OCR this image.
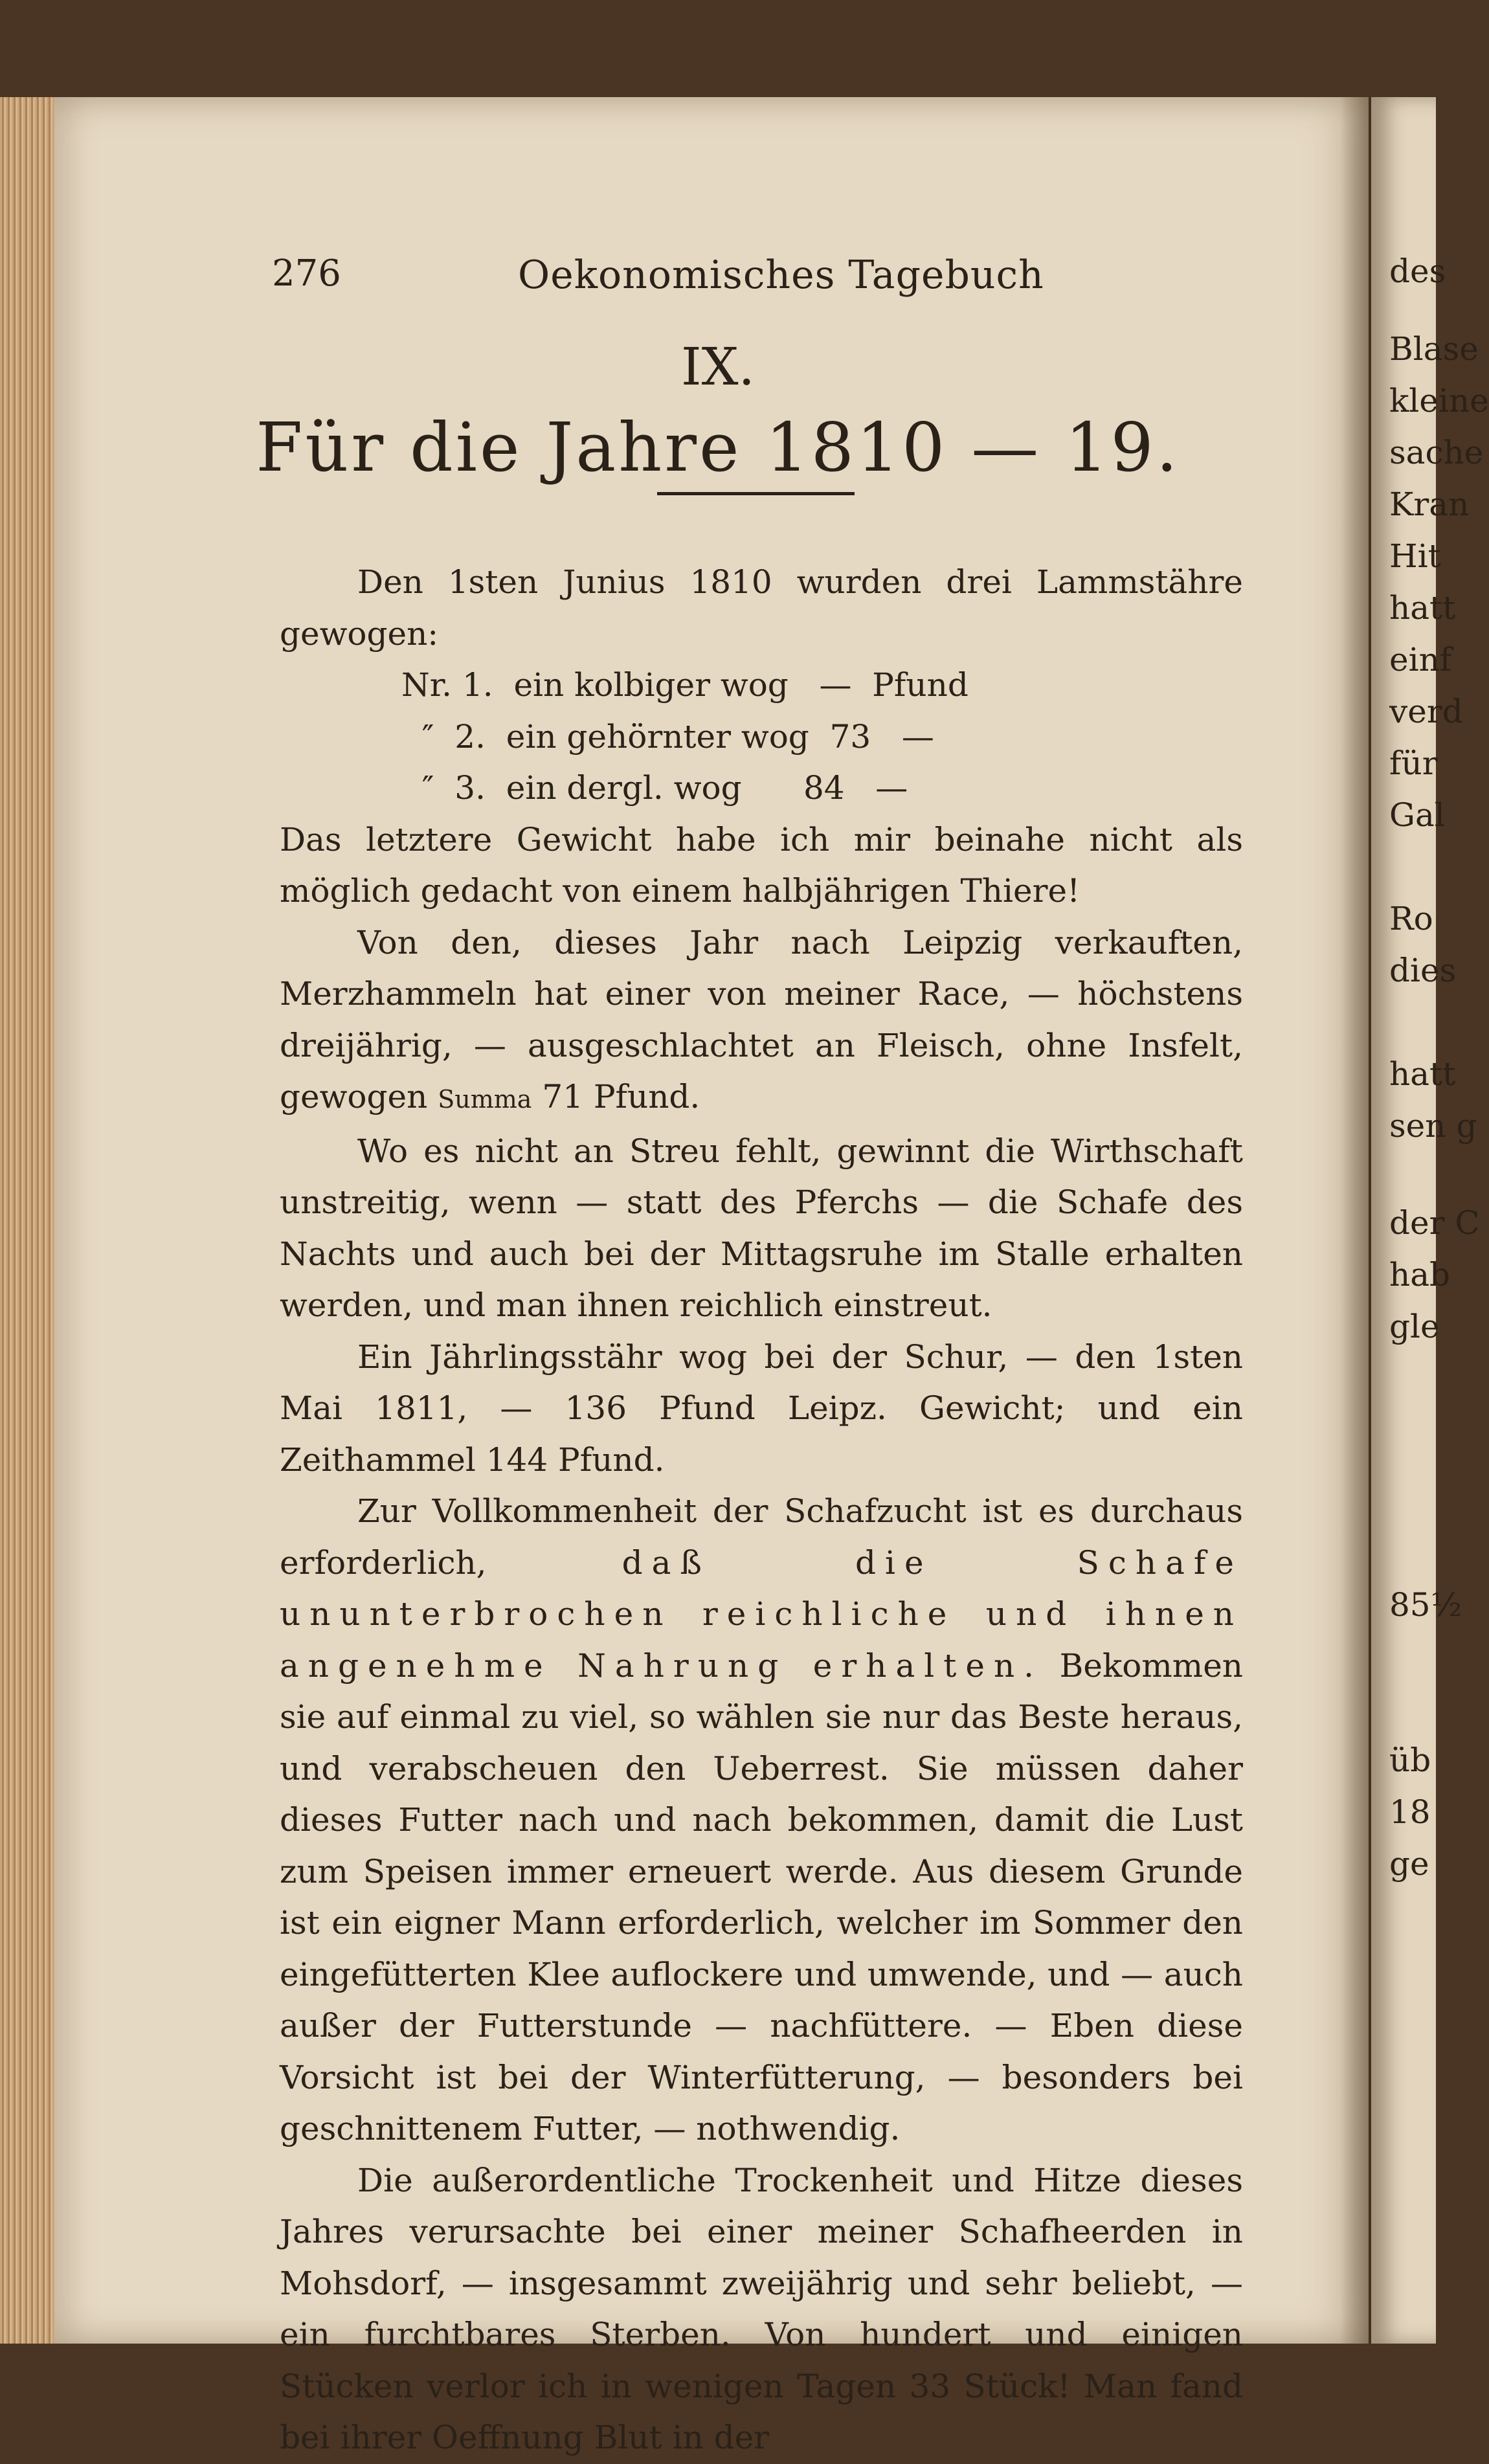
des
Blase
kleine
sache
Kran
Hit
hatt
einf
verd
für
Gal
Ro
dies
hatt
sen g
der C
hab
gle
85½
üb
18
ge
276	Oekonomisches Tagebuch
IX.
Für die Jahre 1810 — 19.

Den 1sten Junius 1810 wurden drei Lammstähre gewogen:

Nr. 1.  ein kolbiger wog   —  Pfund

″  2.  ein gehörnter wog  73   —

″  3.  ein dergl. wog      84   —

Das letztere Gewicht habe ich mir beinahe nicht als möglich gedacht von einem halbjährigen Thiere!

Von den, dieses Jahr nach Leipzig verkauften, Merzhammeln hat einer von meiner Race, — höchstens dreijährig, — ausgeschlachtet an Fleisch, ohne Insfelt, gewogen Summa 71 Pfund.

Wo es nicht an Streu fehlt, gewinnt die Wirthschaft unstreitig, wenn — statt des Pferchs — die Schafe des Nachts und auch bei der Mittagsruhe im Stalle erhalten werden, und man ihnen reichlich einstreut.

Ein Jährlingsstähr wog bei der Schur, — den 1sten Mai 1811, — 136 Pfund Leipz. Gewicht; und ein Zeithammel 144 Pfund.

Zur Vollkommenheit der Schafzucht ist es durchaus erforderlich, daß die Schafe ununterbrochen reichliche und ihnen angenehme Nahrung erhalten. Bekommen sie auf einmal zu viel, so wählen sie nur das Beste heraus, und verabscheuen den Ueberrest. Sie müssen daher dieses Futter nach und nach bekommen, damit die Lust zum Speisen immer erneuert werde. Aus diesem Grunde ist ein eigner Mann erforderlich, welcher im Sommer den eingefütterten Klee auflockere und umwende, und — auch außer der Futterstunde — nachfüttere. — Eben diese Vorsicht ist bei der Winterfütterung, — besonders bei geschnittenem Futter, — nothwendig.

Die außerordentliche Trockenheit und Hitze dieses Jahres verursachte bei einer meiner Schafheerden in Mohsdorf, — insgesammt zweijährig und sehr beliebt, — ein furchtbares Sterben. Von hundert und einigen Stücken verlor ich in wenigen Tagen 33 Stück! Man fand bei ihrer Oeffnung Blut in der
